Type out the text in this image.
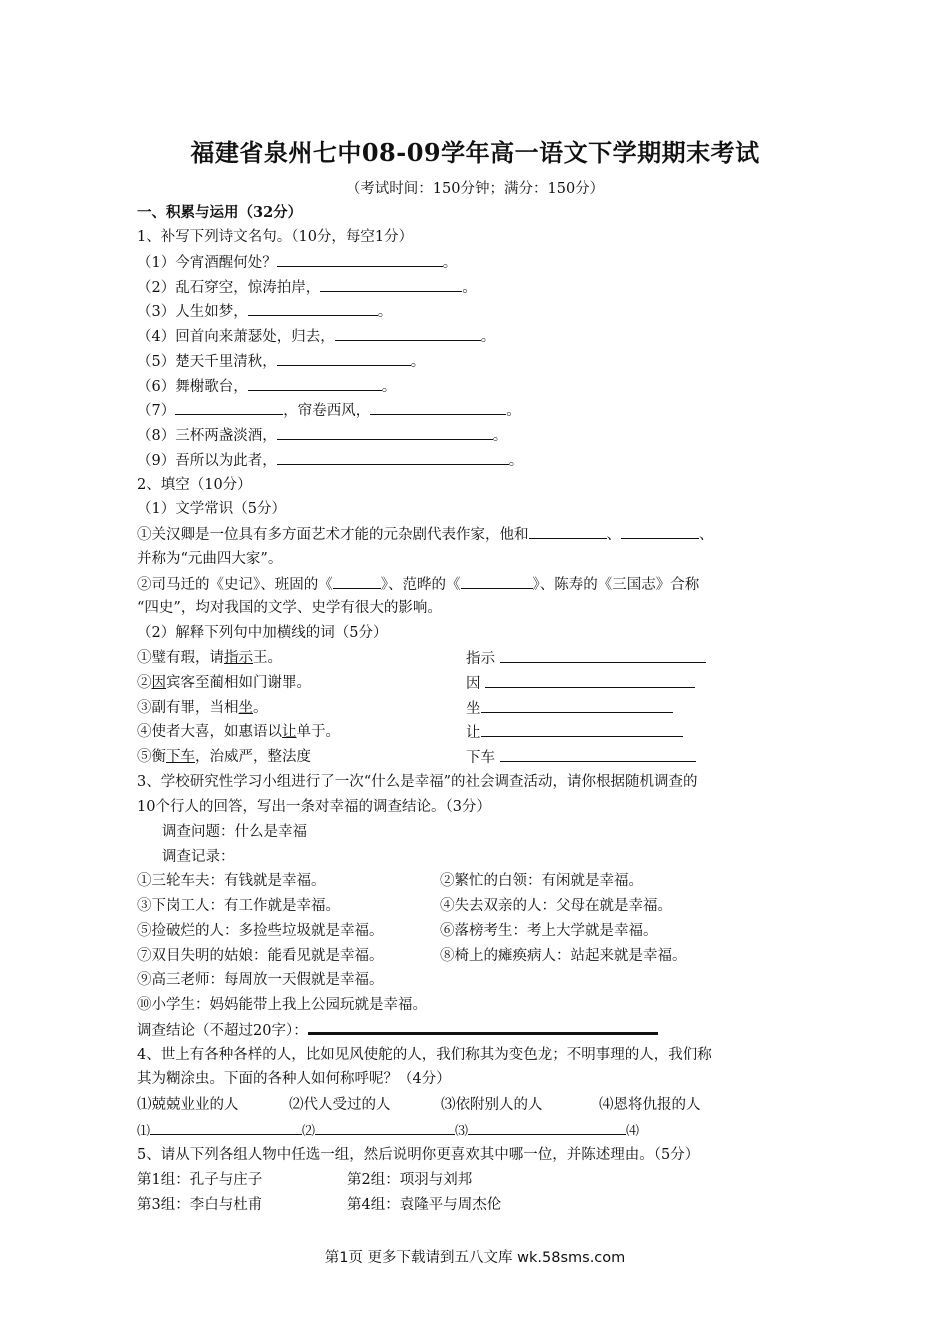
福建省泉州七中08-09学年高一语文下学期期末考试
（考试时间：150分钟；满分：150分）
一、积累与运用（32分）
1、补写下列诗文名句。（10分，每空1分）
（1）今宵酒醒何处？	。
（2）乱石穿空，惊涛拍岸，	。
（3）人生如梦，	。
（4）回首向来萧瑟处，归去，	。
（5）楚天千里清秋，	。
（6）舞榭歌台，	。
（7）	，帘卷西风，	。
（8）三杯两盏淡酒，	。
（9）吾所以为此者，	。
2、填空（10分）
（1）文学常识（5分）
①关汉卿是一位具有多方面艺术才能的元杂剧代表作家，他和	、	、
并称为“元曲四大家”。
②司马迁的《史记》、班固的《	》、范晔的《	》、陈寿的《三国志》合称
“四史”，均对我国的文学、史学有很大的影响。
（2）解释下列句中加横线的词（5分）
①璧有瑕，请指示王。	指示
②因宾客至蔺相如门谢罪。	因
③副有罪，当相坐。	坐
④使者大喜，如惠语以让单于。	让
⑤衡下车，治威严，整法度	下车
3、学校研究性学习小组进行了一次“什么是幸福”的社会调查活动，请你根据随机调查的
10个行人的回答，写出一条对幸福的调查结论。（3分）
调查问题：什么是幸福
调查记录：
①三轮车夫：有钱就是幸福。	②繁忙的白领：有闲就是幸福。
③下岗工人：有工作就是幸福。	④失去双亲的人：父母在就是幸福。
⑤捡破烂的人：多捡些垃圾就是幸福。	⑥落榜考生：考上大学就是幸福。
⑦双目失明的姑娘：能看见就是幸福。	⑧椅上的瘫痪病人：站起来就是幸福。
⑨高三老师：每周放一天假就是幸福。
⑩小学生：妈妈能带上我上公园玩就是幸福。
调查结论（不超过20字）：
4、世上有各种各样的人，比如见风使舵的人，我们称其为变色龙；不明事理的人，我们称
其为糊涂虫。下面的各种人如何称呼呢？（4分）
⑴兢兢业业的人	⑵代人受过的人	⑶依附别人的人	⑷恩将仇报的人
⑴	⑵	⑶	⑷
5、请从下列各组人物中任选一组，然后说明你更喜欢其中哪一位，并陈述理由。（5分）
第1组：孔子与庄子	第2组：项羽与刘邦
第3组：李白与杜甫	第4组：袁隆平与周杰伦
第1页 更多下载请到五八文库 wk.58sms.com
